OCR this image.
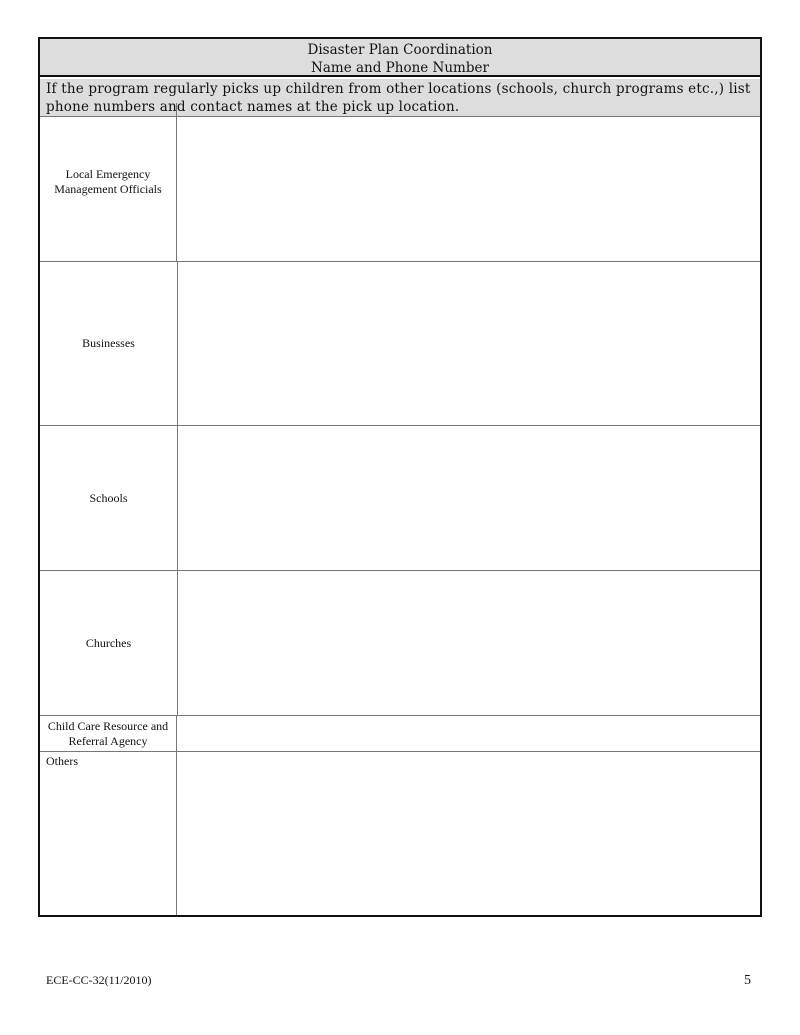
Disaster Plan Coordination
Name and Phone Number
If the program regularly picks up children from other locations (schools, church programs etc.,) list phone numbers and contact names at the pick up location.
Local Emergency Management Officials
Businesses
Schools
Churches
Child Care Resource and Referral Agency
Others
ECE-CC-32(11/2010)	5
